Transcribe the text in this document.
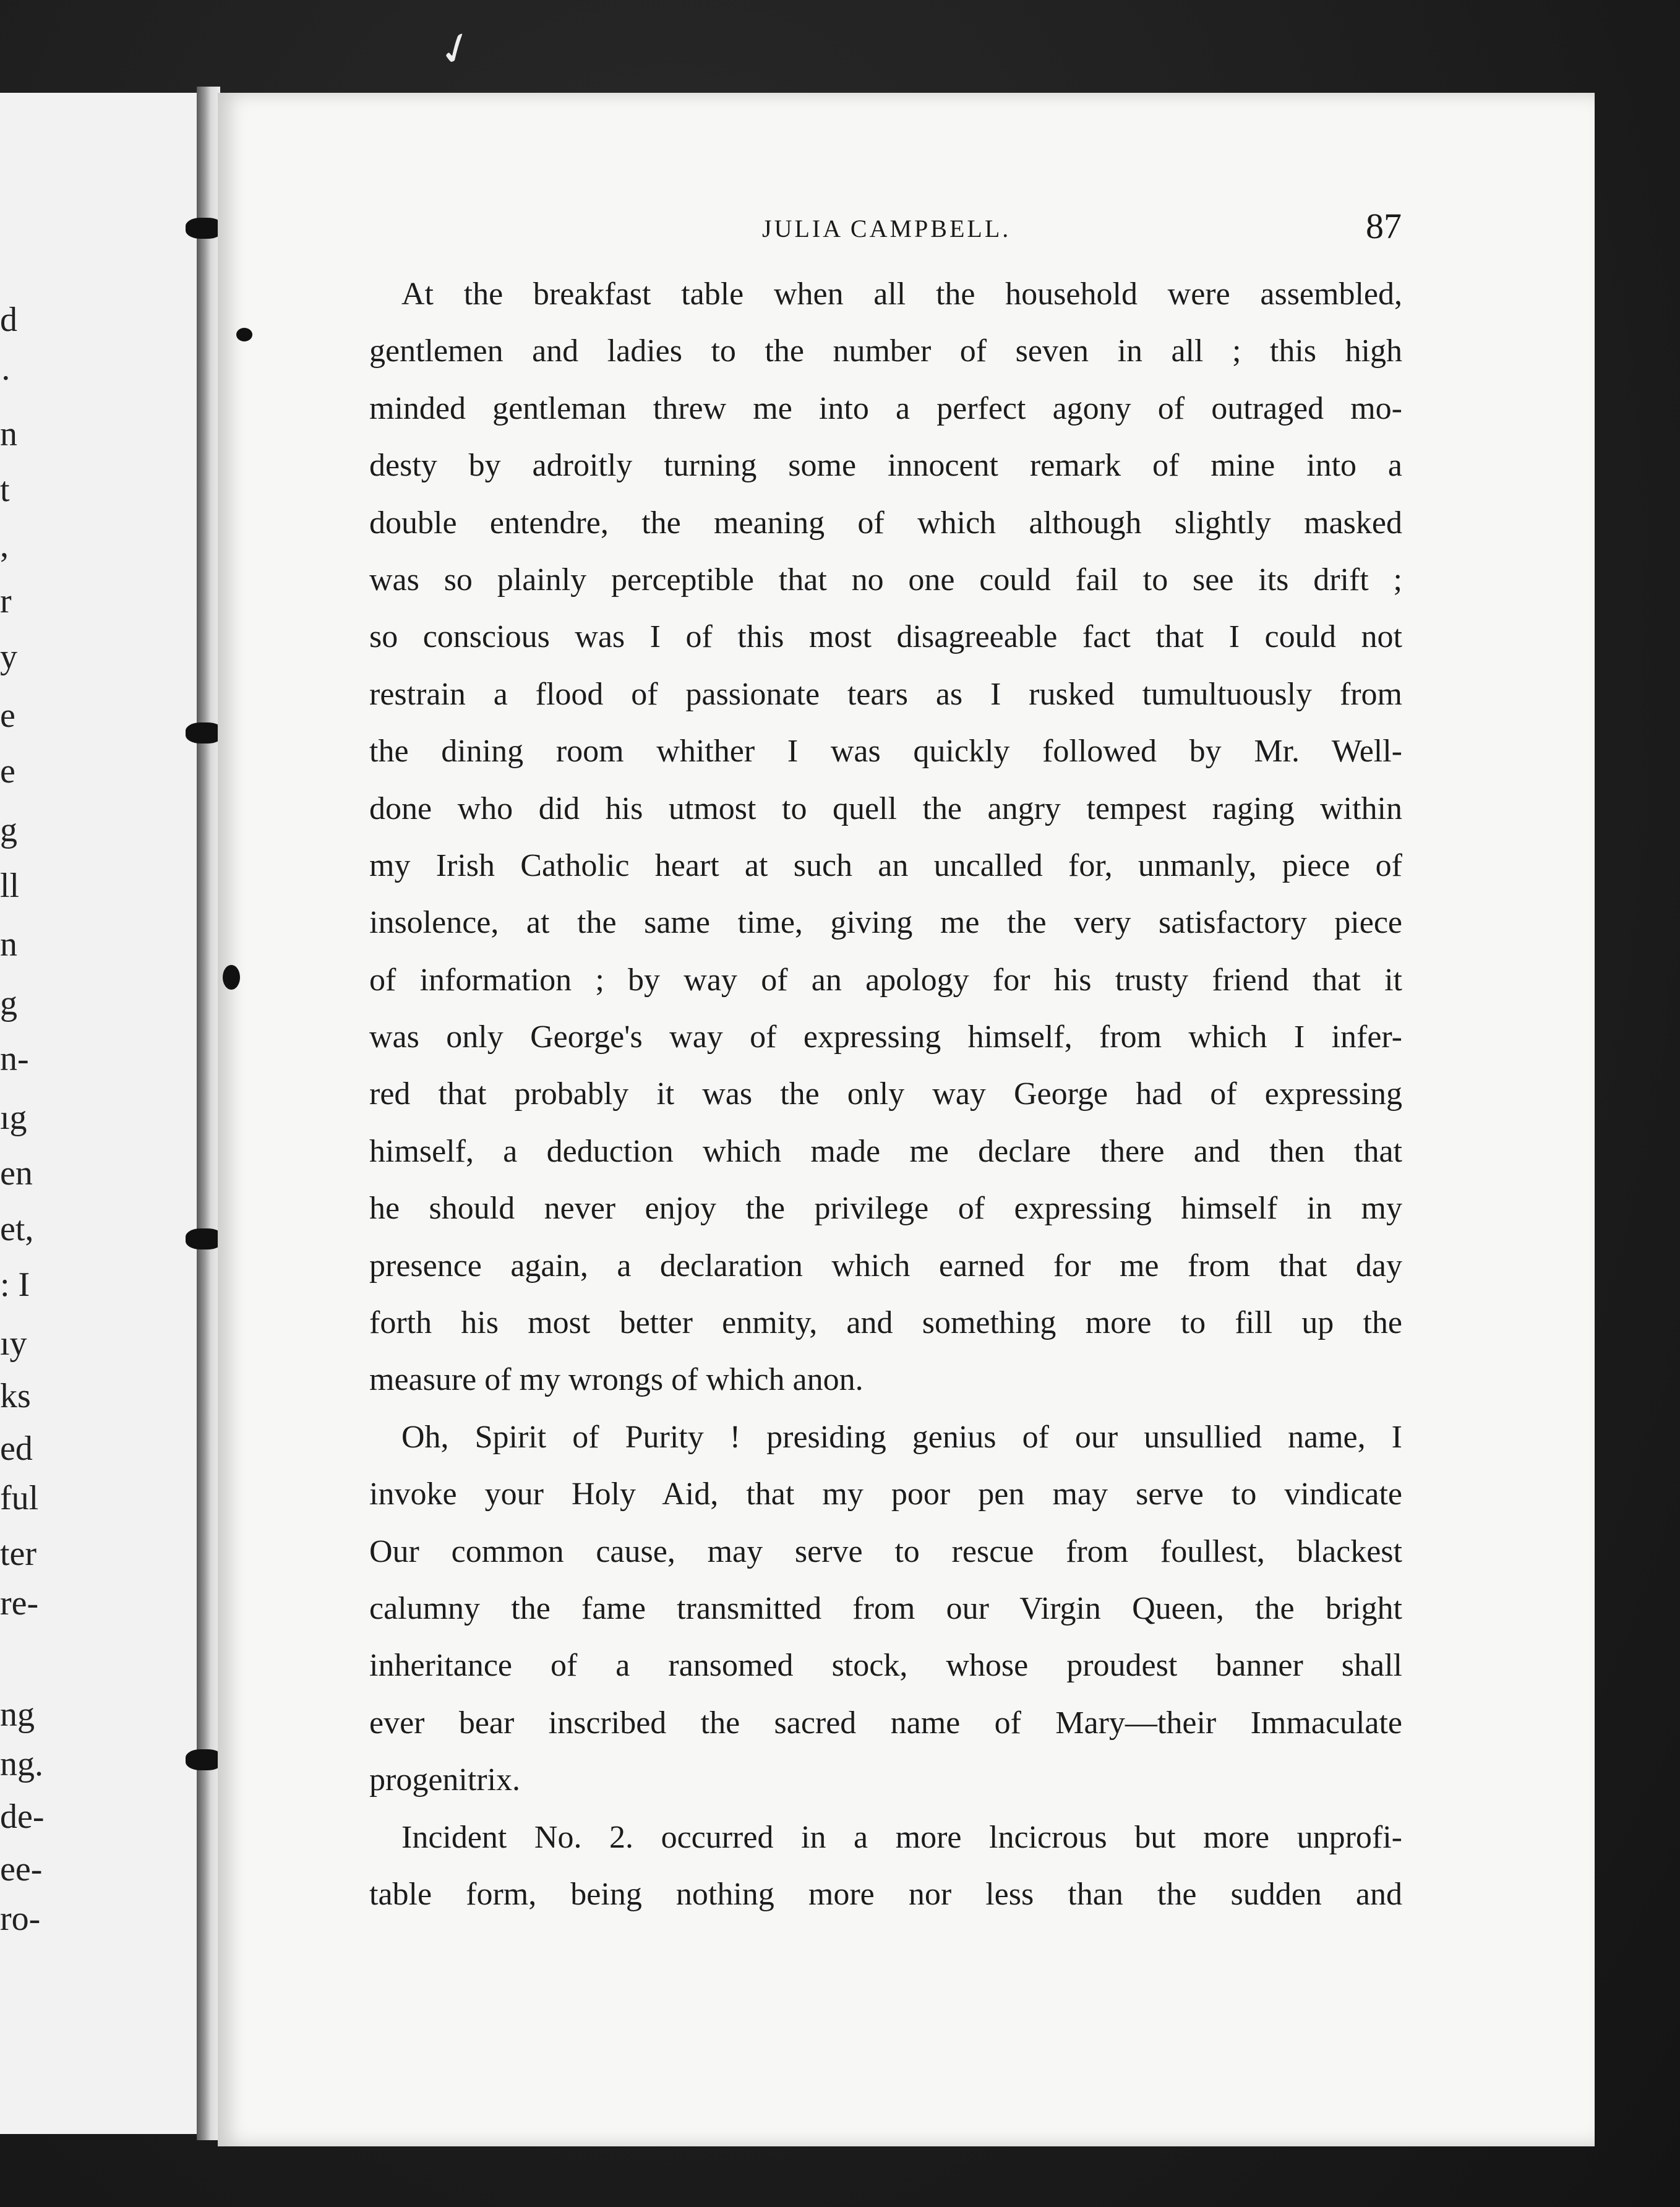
✓
d
·
n
t
,
r
y
e
e
g
ll
n
g
n-
ıg
en
et,
: I
ıy
ks
ed
ful
ter
re-
ng
ng.
de-
ee-
ro-
JULIA CAMPBELL.	87
At the breakfast table when all the household were assembled,
gentlemen and ladies to the number of seven in all ; this high
minded gentleman threw me into a perfect agony of outraged mo-
desty by adroitly turning some innocent remark of mine into a
double entendre, the meaning of which although slightly masked
was so plainly perceptible that no one could fail to see its drift ;
so conscious was I of this most disagreeable fact that I could not
restrain a flood of passionate tears as I rusked tumultuously from
the dining room whither I was quickly followed by Mr. Well-
done who did his utmost to quell the angry tempest raging within
my Irish Catholic heart at such an uncalled for, unmanly, piece of
insolence, at the same time, giving me the very satisfactory piece
of information ; by way of an apology for his trusty friend that it
was only George's way of expressing himself, from which I infer-
red that probably it was the only way George had of expressing
himself, a deduction which made me declare there and then that
he should never enjoy the privilege of expressing himself in my
presence again, a declaration which earned for me from that day
forth his most better enmity, and something more to fill up the
measure of my wrongs of which anon.
Oh, Spirit of Purity ! presiding genius of our unsullied name, I
invoke your Holy Aid, that my poor pen may serve to vindicate
Our common cause, may serve to rescue from foullest, blackest
calumny the fame transmitted from our Virgin Queen, the bright
inheritance of a ransomed stock, whose proudest banner shall
ever bear inscribed the sacred name of Mary—their Immaculate
progenitrix.
Incident No. 2. occurred in a more lncicrous but more unprofi-
table form, being nothing more nor less than the sudden and
